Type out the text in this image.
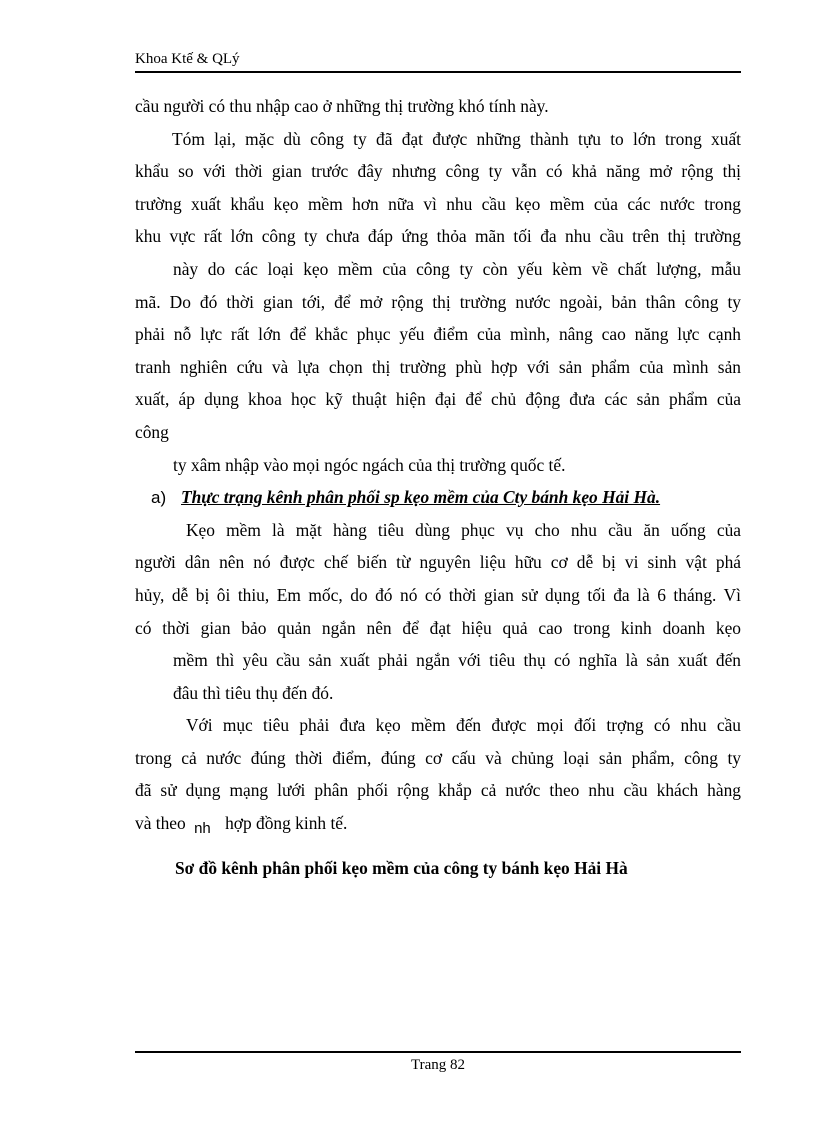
Khoa Ktế & QLý
cầu người có thu nhập cao ở những thị trường khó tính này.
Tóm lại, mặc dù công ty đã đạt được những thành tựu to lớn trong xuất
khẩu so với thời gian trước đây nhưng công ty vẫn có khả năng mở rộng thị
trường xuất khẩu kẹo mềm hơn nữa vì nhu cầu kẹo mềm của các nước trong
khu vực rất lớn công ty chưa đáp ứng thỏa mãn tối đa nhu cầu trên thị trường
này do các loại kẹo mềm của công ty còn yếu kèm về chất lượng, mẫu
mã. Do đó thời gian tới, để mở rộng thị trường nước ngoài, bản thân công ty
phải nỗ lực rất lớn để khắc phục yếu điểm của mình, nâng cao năng lực cạnh
tranh nghiên cứu và lựa chọn thị trường phù hợp với sản phẩm của mình sản
xuất, áp dụng khoa học kỹ thuật hiện đại để chủ động đưa các sản phẩm của
công
ty xâm nhập vào mọi ngóc ngách của thị trường quốc tế.
a) Thực trạng kênh phân phối sp kẹo mềm của Cty bánh kẹo Hải Hà.
Kẹo mềm là mặt hàng tiêu dùng phục vụ cho nhu cầu ăn uống của
người dân nên nó được chế biến từ nguyên liệu hữu cơ dễ bị vi sinh vật phá
hủy, dễ bị ôi thiu, Em mốc, do đó nó có thời gian sử dụng tối đa là 6 tháng. Vì
có thời gian bảo quản ngắn nên để đạt hiệu quả cao trong kinh doanh kẹo
mềm thì yêu cầu sản xuất phải ngắn với tiêu thụ có nghĩa là sản xuất đến
đâu thì tiêu thụ đến đó.
Với mục tiêu phải đưa kẹo mềm đến được mọi đối trợng có nhu cầu
trong cả nước đúng thời điểm, đúng cơ cấu và chủng loại sản phẩm, công ty
đã sử dụng mạng lưới phân phối rộng khắp cả nước theo nhu cầu khách hàng
và theo nh hợp đồng kinh tế.
Sơ đồ kênh phân phối kẹo mềm của công ty bánh kẹo Hải Hà
Trang 82
